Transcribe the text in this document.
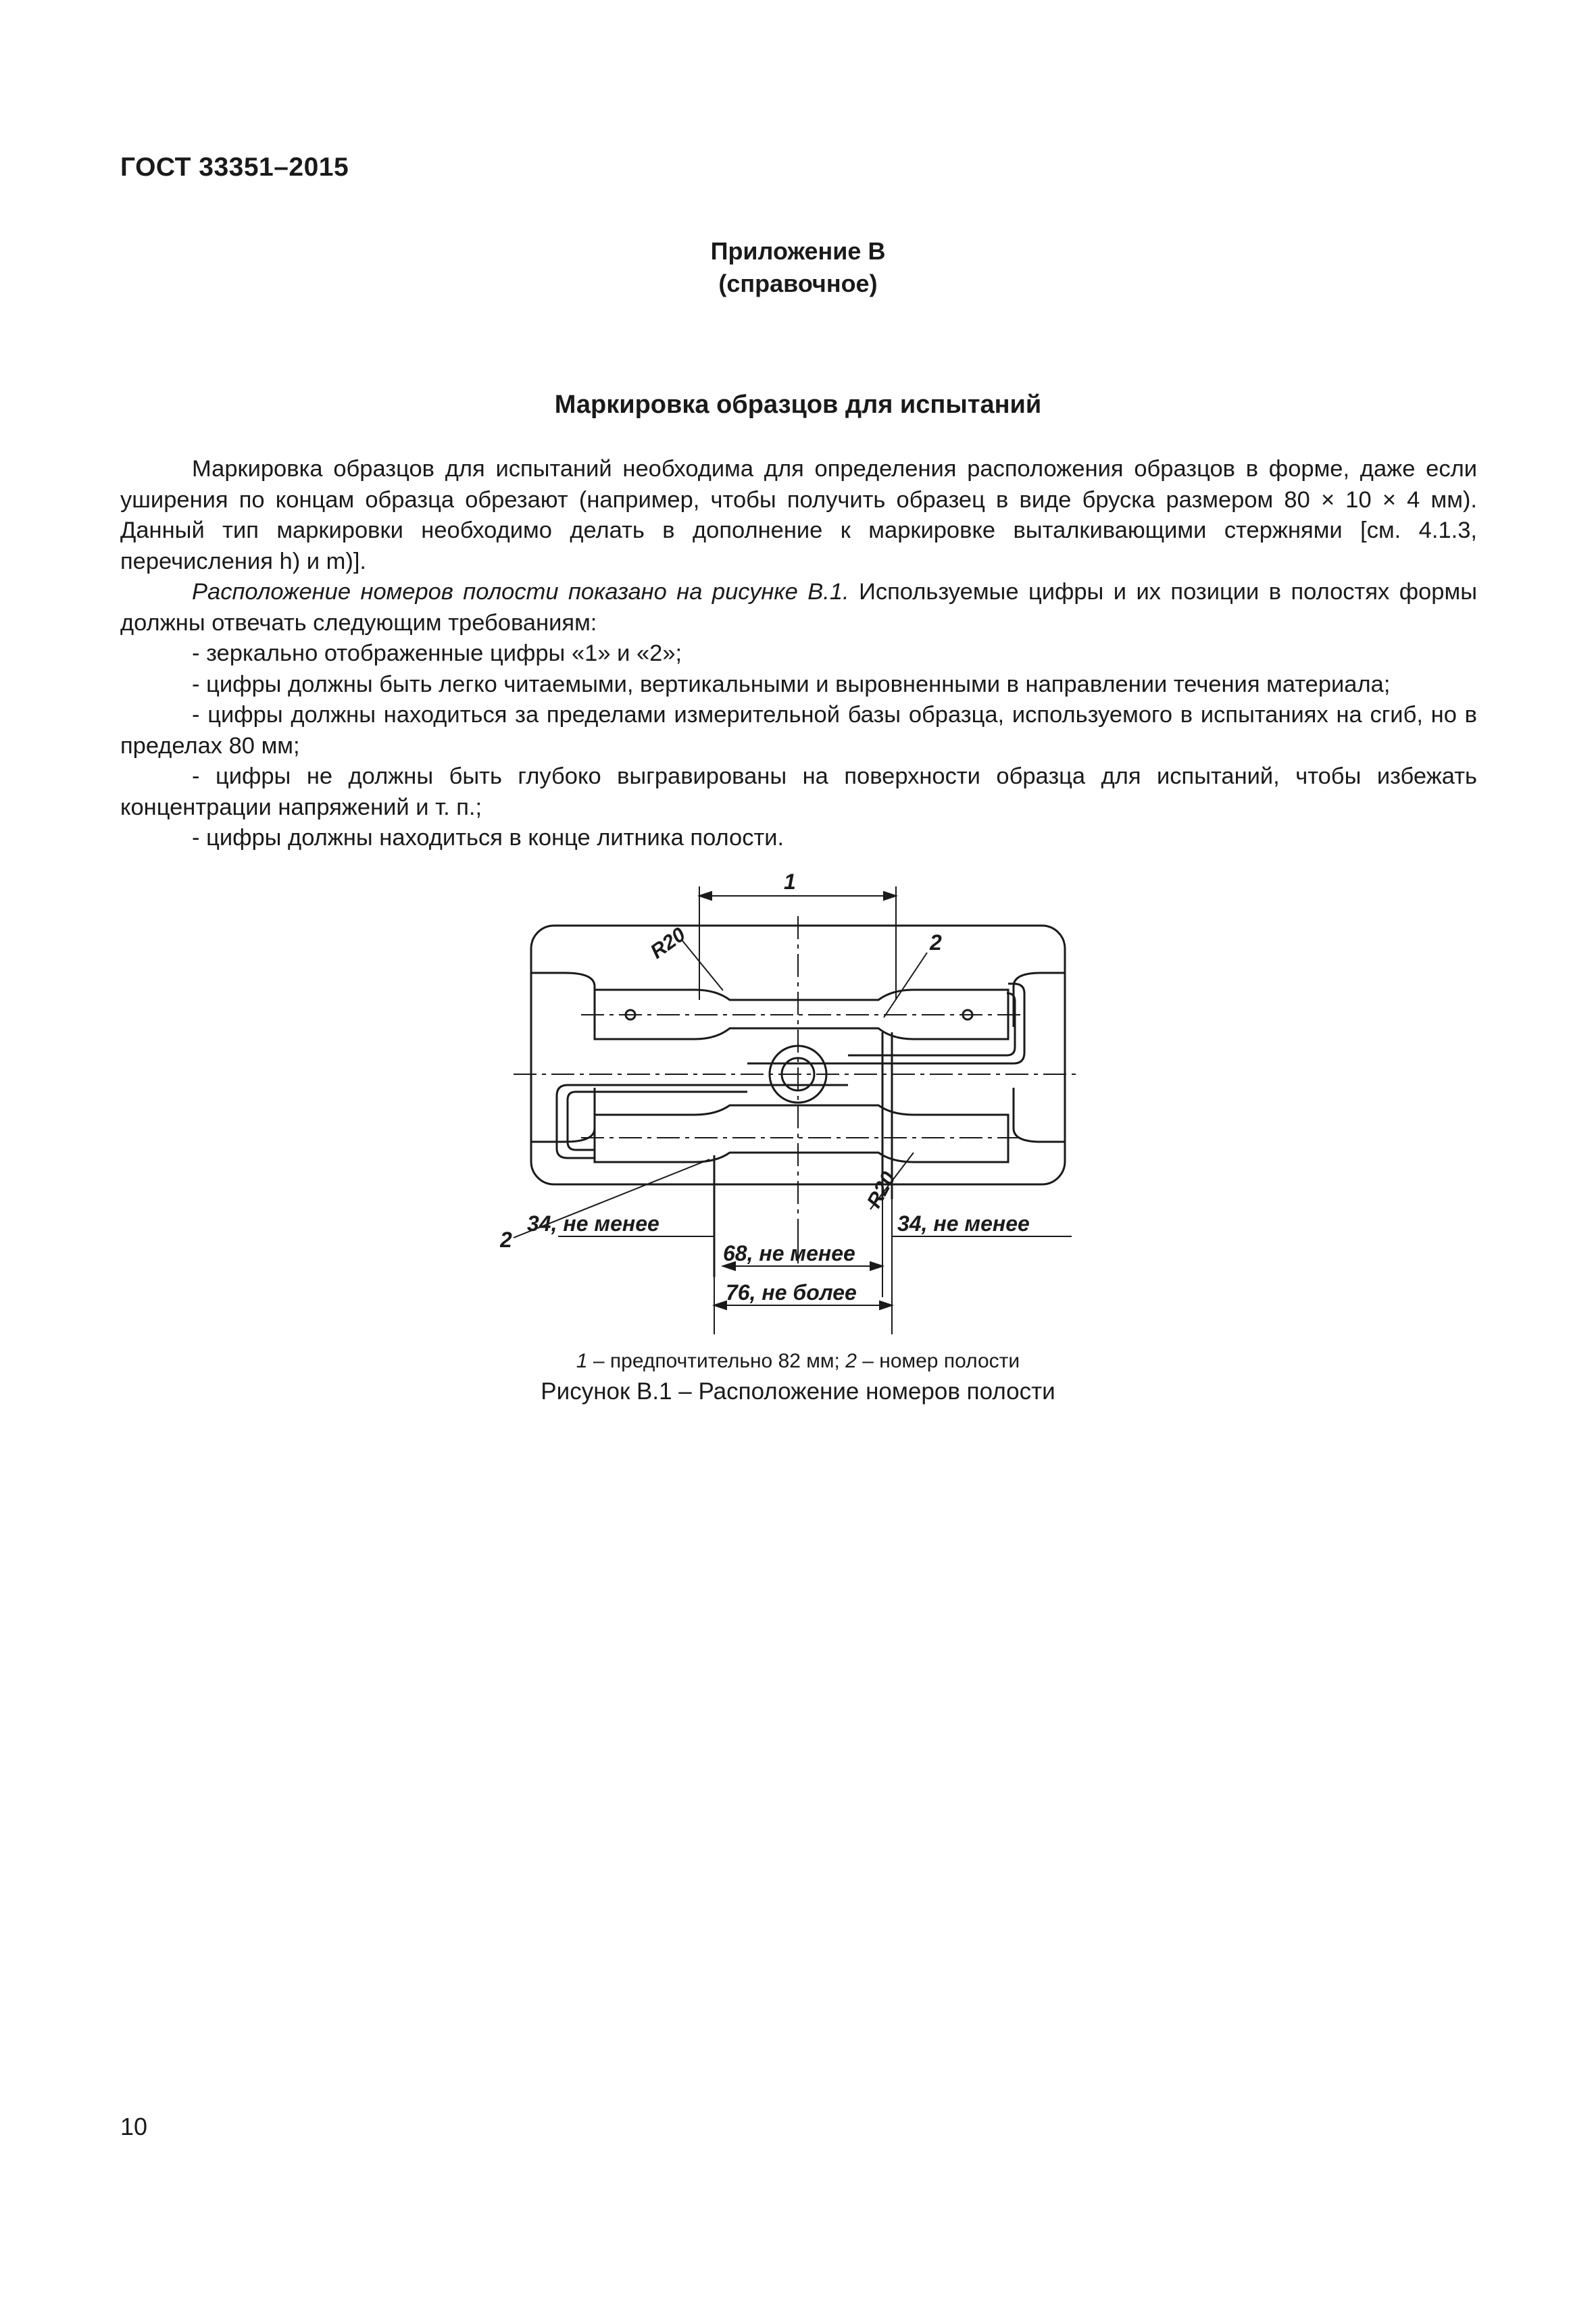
ГОСТ 33351–2015
Приложение В
(справочное)
Маркировка образцов для испытаний

Маркировка образцов для испытаний необходима для определения расположения образцов в форме, даже если уширения по концам образца обрезают (например, чтобы получить образец в виде бруска размером 80 × 10 × 4 мм). Данный тип маркировки необходимо делать в дополнение к маркировке выталкивающими стержнями [см. 4.1.3, перечисления h) и m)].

Расположение номеров полости показано на рисунке В.1. Используемые цифры и их позиции в полостях формы должны отвечать следующим требованиям:

- зеркально отображенные цифры «1» и «2»;

- цифры должны быть легко читаемыми, вертикальными и выровненными в направлении течения материала;

- цифры должны находиться за пределами измерительной базы образца, используемого в испытаниях на сгиб, но в пределах 80 мм;

- цифры не должны быть глубоко выгравированы на поверхности образца для испытаний, чтобы избежать концентрации напряжений и т. п.;

- цифры должны находиться в конце литника полости.

1
2
2
R20
R20
34, не менее	34, не менее
68, не менее
76, не более
1 – предпочтительно 82 мм; 2 – номер полости
Рисунок В.1 – Расположение номеров полости
10
